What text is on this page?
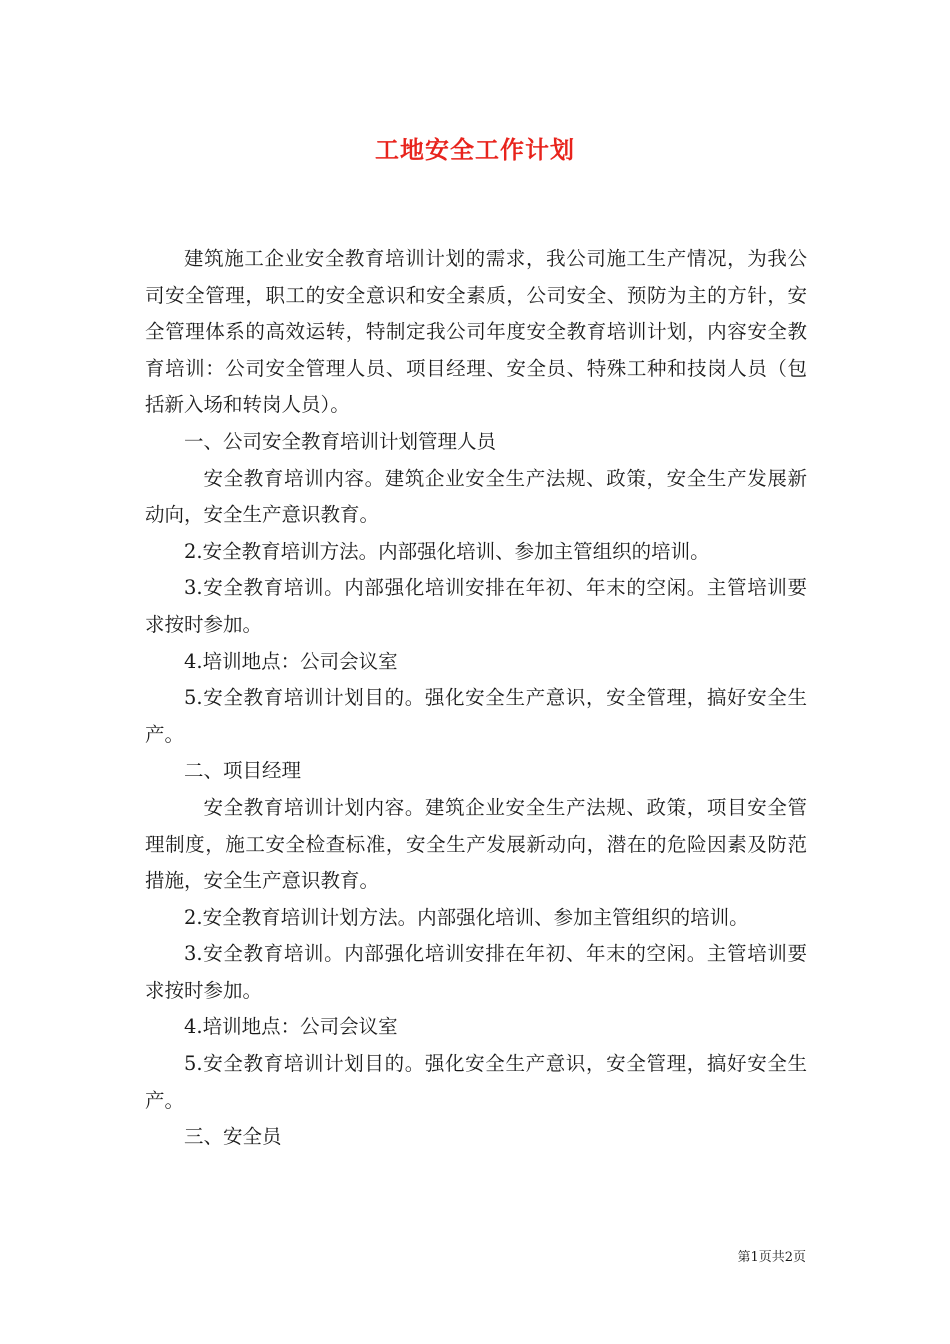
工地安全工作计划

建筑施工企业安全教育培训计划的需求，我公司施工生产情况，为我公司安全管理，职工的安全意识和安全素质，公司安全、预防为主的方针，安全管理体系的高效运转，特制定我公司年度安全教育培训计划，内容安全教育培训：公司安全管理人员、项目经理、安全员、特殊工种和技岗人员（包括新入场和转岗人员）。

一、公司安全教育培训计划管理人员

安全教育培训内容。建筑企业安全生产法规、政策，安全生产发展新动向，安全生产意识教育。

2.安全教育培训方法。内部强化培训、参加主管组织的培训。

3.安全教育培训。内部强化培训安排在年初、年末的空闲。主管培训要求按时参加。

4.培训地点：公司会议室

5.安全教育培训计划目的。强化安全生产意识，安全管理，搞好安全生产。

二、项目经理

安全教育培训计划内容。建筑企业安全生产法规、政策，项目安全管理制度，施工安全检查标准，安全生产发展新动向，潜在的危险因素及防范措施，安全生产意识教育。

2.安全教育培训计划方法。内部强化培训、参加主管组织的培训。

3.安全教育培训。内部强化培训安排在年初、年末的空闲。主管培训要求按时参加。

4.培训地点：公司会议室

5.安全教育培训计划目的。强化安全生产意识，安全管理，搞好安全生产。

三、安全员

第1页共2页
